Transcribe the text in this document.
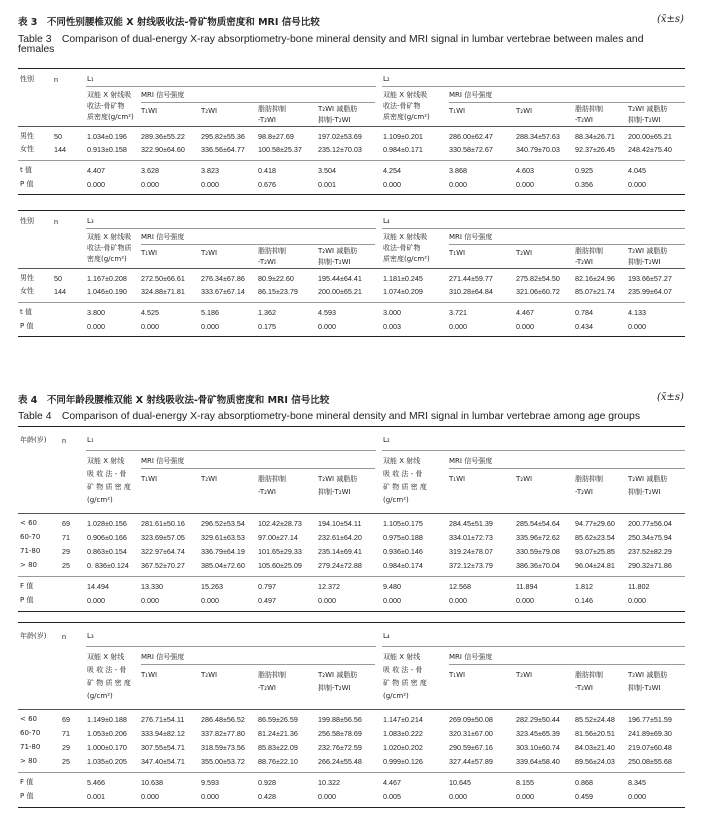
表 3　不同性别腰椎双能 X 射线吸收法-骨矿物质密度和 MRI 信号比较	(x̄±s)
Table 3　Comparison of dual-energy X-ray absorptiometry-bone mineral density and MRI signal in lumbar vertebrae between males and
females
性别	n	L₁	L₂
双能 X 射线吸
收法-骨矿物
质密度(g/cm²)
MRI 信号强度
T₁WI	T₂WI	脂肪抑制
-T₂WI
T₂WI 减脂肪
抑制-T₂WI
双能 X 射线吸
收法-骨矿物
质密度(g/cm²)
MRI 信号强度
T₁WI	T₂WI	脂肪抑制
-T₂WI
T₂WI 减脂肪
抑制-T₂WI
男性	50	1.034±0.196 289.36±55.22 295.82±55.36 98.8±27.69	197.02±53.69	1.109±0.201	286.00±62.47	288.34±57.63 88.34±26.71 200.00±65.21
女性	144	0.913±0.158 322.90±64.60 336.56±64.77 100.58±25.37 235.12±70.03	0.984±0.171	330.58±72.67	340.79±70.03 92.37±26.45 248.42±75.40
t 值	4.407	3.628	3.823	0.418	3.504	4.254	3.868	4.603	0.925	4.045
P 值	0.000	0.000	0.000	0.676	0.001	0.000	0.000	0.000	0.356	0.000
性别	n	L₃	L₄
双能 X 射线吸
收法-骨矿物质
密度(g/cm²)
MRI 信号强度
T₁WI	T₂WI	脂肪抑制
-T₂WI
T₂WI 减脂肪
抑制-T₂WI
双能 X 射线吸
收法-骨矿物
质密度(g/cm²)
MRI 信号强度
T₁WI	T₂WI	脂肪抑制
-T₂WI
T₂WI 减脂肪
抑制-T₂WI
男性	50	1.167±0.208 272.50±66.61 276.34±67.86 80.9±22.60	195.44±64.41	1.181±0.245	271.44±59.77	275.82±54.50 82.16±24.96 193.66±57.27
女性	144	1.046±0.190 324.88±71.81 333.67±67.14 86.15±23.79	200.00±65.21	1.074±0.209	310.28±64.84	321.06±60.72 85.07±21.74 235.99±64.07
t 值	3.800	4.525	5.186	1.362	4.593	3.000	3.721	4.467	0.784	4.133
P 值	0.000	0.000	0.000	0.175	0.000	0.003	0.000	0.000	0.434	0.000
表 4　不同年龄段腰椎双能 X 射线吸收法-骨矿物质密度和 MRI 信号比较	(x̄±s)
Table 4　Comparison of dual-energy X-ray absorptiometry-bone mineral density and MRI signal in lumbar vertebrae among age groups
年龄(岁) n	L₁	L₂
双能 X 射线
吸 收 法 - 骨
矿 物 质 密 度
(g/cm²)
MRI 信号强度
T₁WI	T₂WI	脂肪抑制
-T₂WI
T₂WI 减脂肪
抑制-T₂WI
双能 X 射线
吸 收 法 - 骨
矿 物 质 密 度
(g/cm²)
MRI 信号强度
T₁WI	T₂WI	脂肪抑制
-T₂WI
T₂WI 减脂肪
抑制-T₂WI
< 60	69 1.028±0.156 281.61±50.16 296.52±53.54 102.42±28.73 194.10±54.11	1.105±0.175	284.45±51.39	285.54±54.64 94.77±29.60 200.77±56.04
60-70	71 0.906±0.166 323.69±57.05 329.61±63.53 97.00±27.14	232.61±64.20	0.975±0.188	334.01±72.73	335.96±72.62 85.62±23.54 250.34±75.94
71-80	29 0.863±0.154 322.97±64.74 336.79±64.19 101.65±29.33 235.14±69.41	0.936±0.146	319.24±78.07	330.59±79.08 93.07±25.85 237.52±82.29
> 80	25 0. 836±0.124 367.52±70.27 385.04±72.60 105.60±25.09 279.24±72.88	0.984±0.174	372.12±73.79	386.36±70.04 96.04±24.81 290.32±71.86
F 值	14.494	13.330	15.263	0.797	12.372	9.480	12.568	11.894	1.812	11.802
P 值	0.000	0.000	0.000	0.497	0.000	0.000	0.000	0.000	0.146	0.000
年龄(岁) n	L₃	L₄
双能 X 射线
吸 收 法 - 骨
矿 物 质 密 度
(g/cm²)
MRI 信号强度
T₁WI	T₂WI	脂肪抑制
-T₂WI
T₂WI 减脂肪
抑制-T₂WI
双能 X 射线
吸 收 法 - 骨
矿 物 质 密 度
(g/cm²)
MRI 信号强度
T₁WI	T₂WI	脂肪抑制
-T₂WI
T₂WI 减脂肪
抑制-T₂WI
< 60	69 1.149±0.188 276.71±54.11 286.48±56.52 86.59±26.59	199.88±56.56	1.147±0.214	269.09±50.08	282.29±50.44 85.52±24.48 196.77±51.59
60-70	71 1.053±0.206 333.94±82.12 337.82±77.80 81.24±21.36	256.58±78.69	1.083±0.222	320.31±67.00	323.45±65.39 81.56±20.51 241.89±69.30
71-80	29 1.000±0.170 307.55±54.71 318.59±73.56 85.83±22.09	232.76±72.59	1.020±0.202	290.59±67.16	303.10±60.74 84.03±21.40 219.07±60.48
> 80	25 1.035±0.205 347.40±54.71 355.00±53.72 88.76±22.10	266.24±55.48	0.999±0.126	327.44±57.89	339.64±58.40 89.56±24.03 250.08±55.68
F 值	5.466	10.638	9.593	0.928	10.322	4.467	10.645	8.155	0.868	8.345
P 值	0.001	0.000	0.000	0.428	0.000	0.005	0.000	0.000	0.459	0.000
